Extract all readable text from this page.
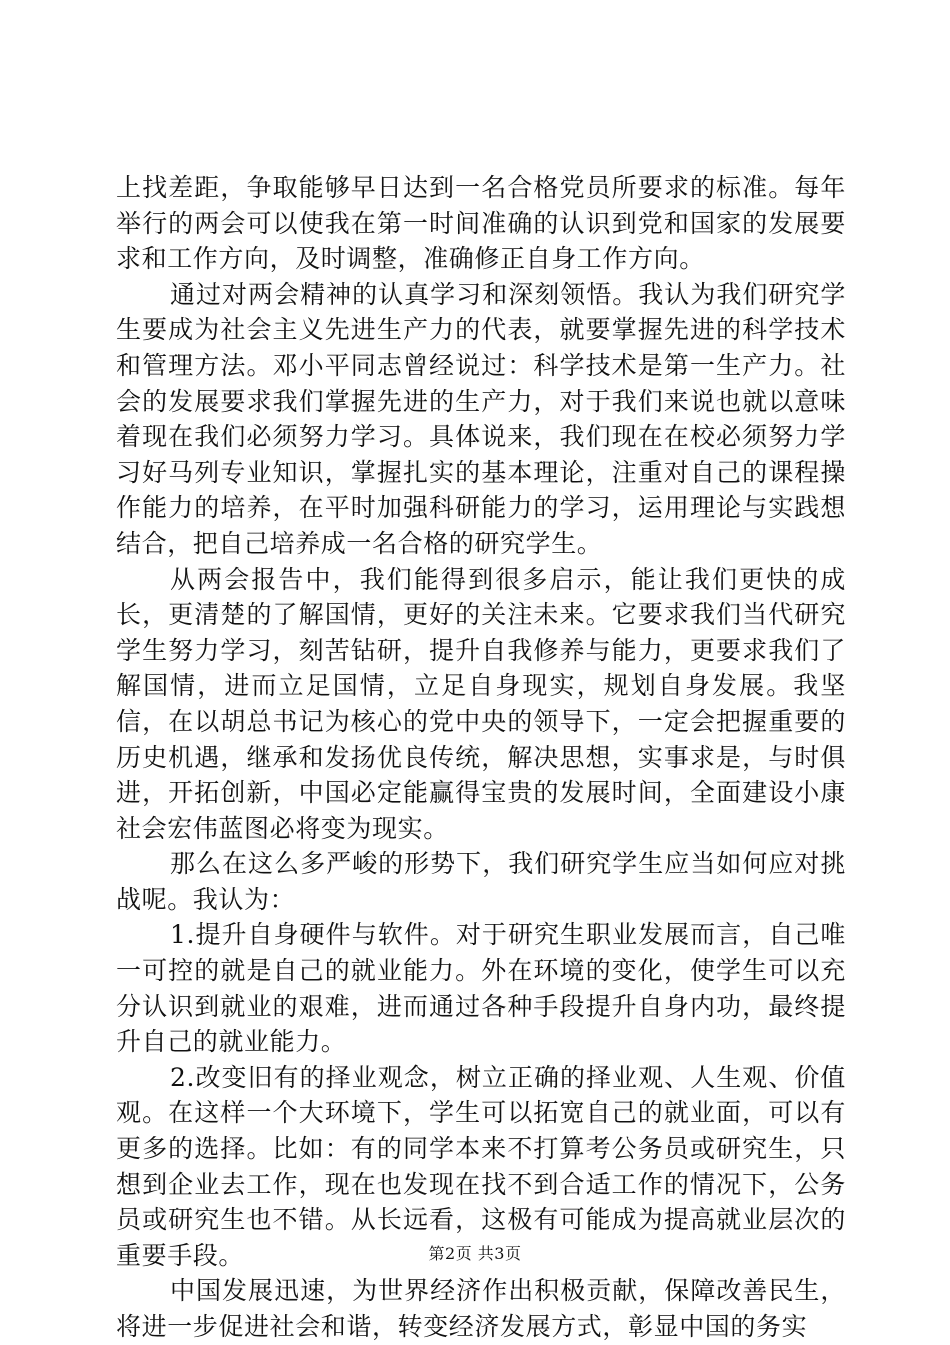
上找差距，争取能够早日达到一名合格党员所要求的标准。每年举行的两会可以使我在第一时间准确的认识到党和国家的发展要求和工作方向，及时调整，准确修正自身工作方向。

通过对两会精神的认真学习和深刻领悟。我认为我们研究学生要成为社会主义先进生产力的代表，就要掌握先进的科学技术和管理方法。邓小平同志曾经说过：科学技术是第一生产力。社会的发展要求我们掌握先进的生产力，对于我们来说也就以意味着现在我们必须努力学习。具体说来，我们现在在校必须努力学习好马列专业知识，掌握扎实的基本理论，注重对自己的课程操作能力的培养，在平时加强科研能力的学习，运用理论与实践想结合，把自己培养成一名合格的研究学生。

从两会报告中，我们能得到很多启示，能让我们更快的成长，更清楚的了解国情，更好的关注未来。它要求我们当代研究学生努力学习，刻苦钻研，提升自我修养与能力，更要求我们了解国情，进而立足国情，立足自身现实，规划自身发展。我坚信，在以胡总书记为核心的党中央的领导下，一定会把握重要的历史机遇，继承和发扬优良传统，解决思想，实事求是，与时俱进，开拓创新，中国必定能赢得宝贵的发展时间，全面建设小康社会宏伟蓝图必将变为现实。

那么在这么多严峻的形势下，我们研究学生应当如何应对挑战呢。我认为：

1.提升自身硬件与软件。对于研究生职业发展而言，自己唯一可控的就是自己的就业能力。外在环境的变化，使学生可以充分认识到就业的艰难，进而通过各种手段提升自身内功，最终提升自己的就业能力。

2.改变旧有的择业观念，树立正确的择业观、人生观、价值观。在这样一个大环境下，学生可以拓宽自己的就业面，可以有更多的选择。比如：有的同学本来不打算考公务员或研究生，只想到企业去工作，现在也发现在找不到合适工作的情况下，公务员或研究生也不错。从长远看，这极有可能成为提高就业层次的重要手段。

中国发展迅速，为世界经济作出积极贡献，保障改善民生，将进一步促进社会和谐，转变经济发展方式，彰显中国的务实

第2页 共3页
